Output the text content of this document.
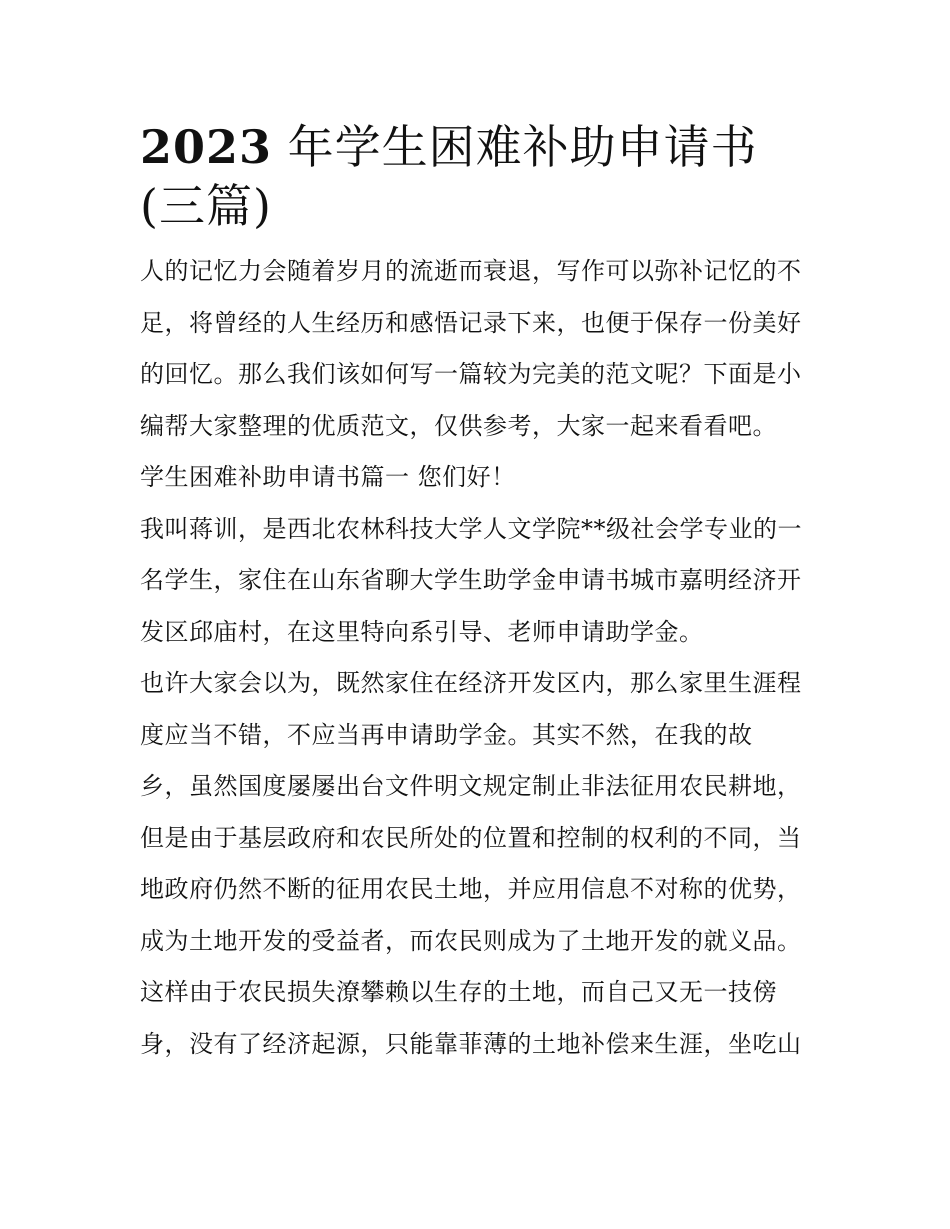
2023 年学生困难补助申请书
(三篇)

人的记忆力会随着岁月的流逝而衰退，写作可以弥补记忆的不
足，将曾经的人生经历和感悟记录下来，也便于保存一份美好
的回忆。那么我们该如何写一篇较为完美的范文呢？下面是小
编帮大家整理的优质范文，仅供参考，大家一起来看看吧。

学生困难补助申请书篇一 您们好！

我叫蒋训，是西北农林科技大学人文学院**级社会学专业的一
名学生，家住在山东省聊大学生助学金申请书城市嘉明经济开
发区邱庙村，在这里特向系引导、老师申请助学金。

也许大家会以为，既然家住在经济开发区内，那么家里生涯程
度应当不错，不应当再申请助学金。其实不然，在我的故
乡，虽然国度屡屡出台文件明文规定制止非法征用农民耕地，
但是由于基层政府和农民所处的位置和控制的权利的不同，当
地政府仍然不断的征用农民土地，并应用信息不对称的优势，
成为土地开发的受益者，而农民则成为了土地开发的就义品。
这样由于农民损失潦攀赖以生存的土地，而自己又无一技傍
身，没有了经济起源，只能靠菲薄的土地补偿来生涯，坐吃山
